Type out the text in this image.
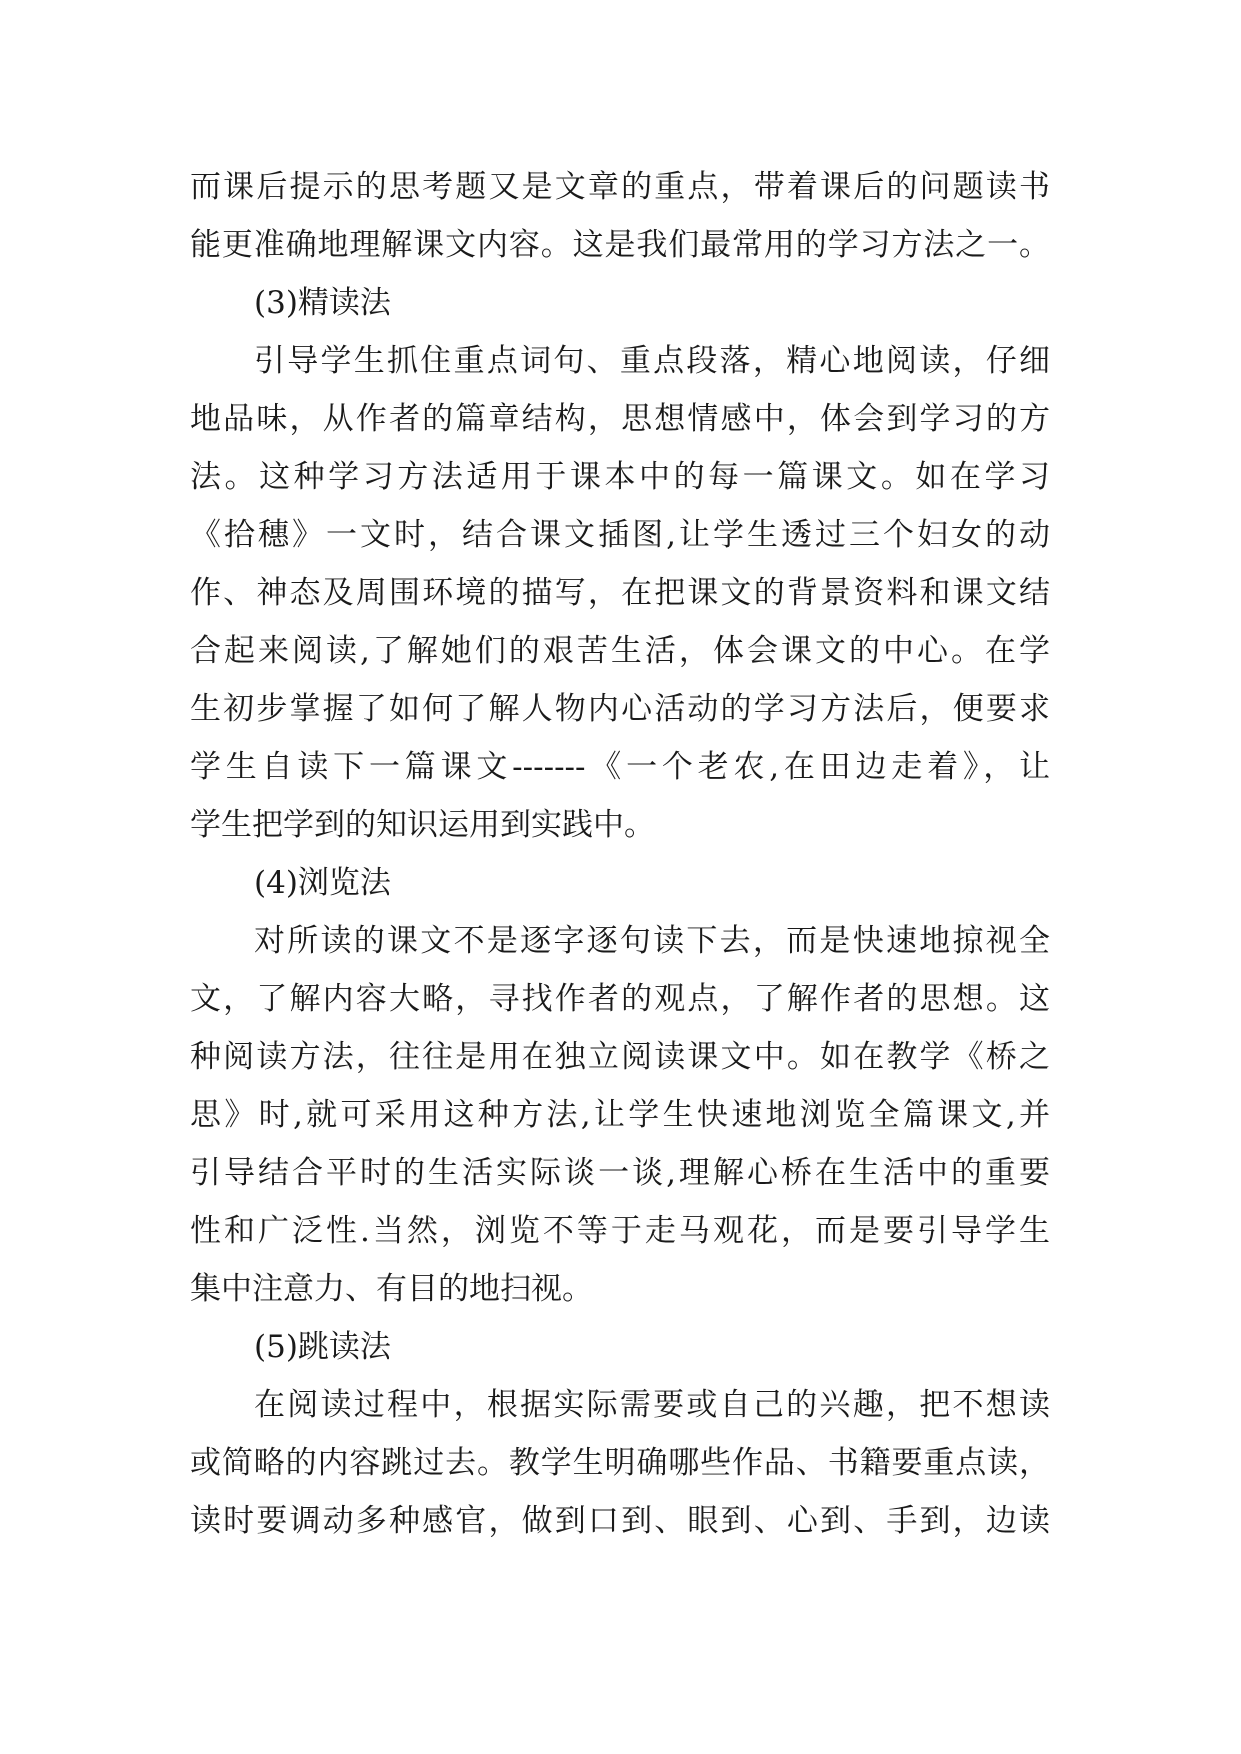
而课后提示的思考题又是文章的重点，带着课后的问题读书
能更准确地理解课文内容。这是我们最常用的学习方法之一。
(3)精读法
引导学生抓住重点词句、重点段落，精心地阅读，仔细
地品味，从作者的篇章结构，思想情感中，体会到学习的方
法。这种学习方法适用于课本中的每一篇课文。如在学习
《拾穗》一文时，结合课文插图,让学生透过三个妇女的动
作、神态及周围环境的描写，在把课文的背景资料和课文结
合起来阅读,了解她们的艰苦生活，体会课文的中心。在学
生初步掌握了如何了解人物内心活动的学习方法后，便要求
学生自读下一篇课文-------《一个老农,在田边走着》，让
学生把学到的知识运用到实践中。
(4)浏览法
对所读的课文不是逐字逐句读下去，而是快速地掠视全
文，了解内容大略，寻找作者的观点，了解作者的思想。这
种阅读方法，往往是用在独立阅读课文中。如在教学《桥之
思》时,就可采用这种方法,让学生快速地浏览全篇课文,并
引导结合平时的生活实际谈一谈,理解心桥在生活中的重要
性和广泛性.当然，浏览不等于走马观花，而是要引导学生
集中注意力、有目的地扫视。
(5)跳读法
在阅读过程中，根据实际需要或自己的兴趣，把不想读
或简略的内容跳过去。教学生明确哪些作品、书籍要重点读，
读时要调动多种感官，做到口到、眼到、心到、手到，边读
